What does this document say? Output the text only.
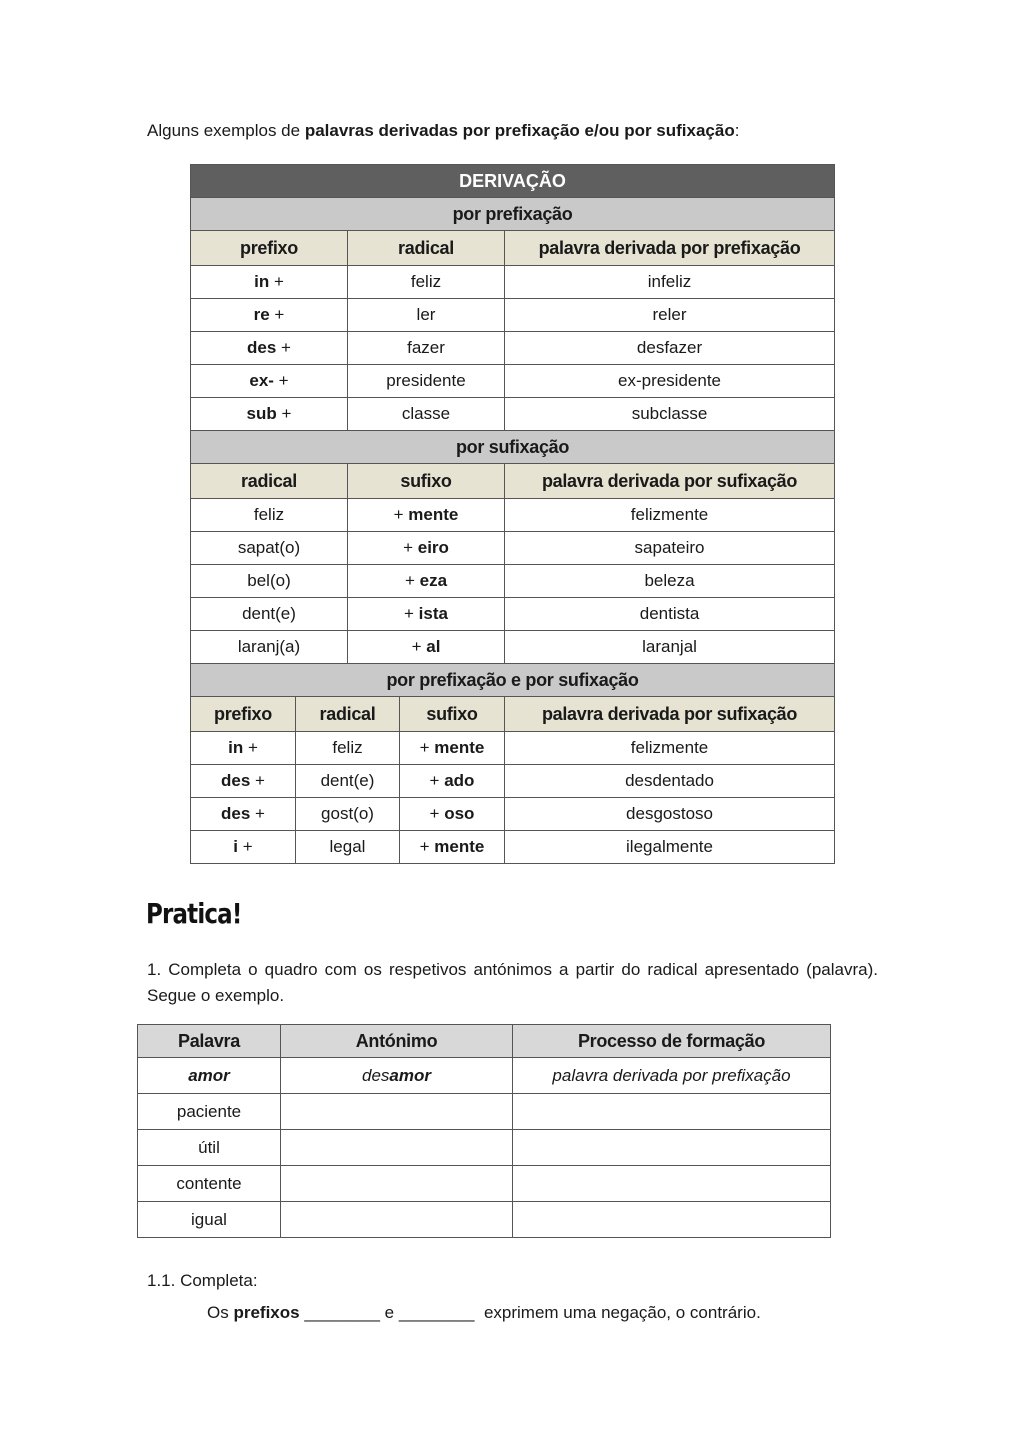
Alguns exemplos de palavras derivadas por prefixação e/ou por sufixação:
DERIVAÇÃO				
por prefixação				
prefixo		radical		palavra derivada por prefixação
in +		feliz		infeliz
re +		ler		reler
des +		fazer		desfazer
ex- +		presidente		ex-presidente
sub +		classe		subclasse
por sufixação				
radical		sufixo		palavra derivada por sufixação
feliz		+ mente		felizmente
sapat(o)		+ eiro		sapateiro
bel(o)		+ eza		beleza
dent(e)		+ ista		dentista
laranj(a)		+ al		laranjal
por prefixação e por sufixação				
prefixo	radical		sufixo	palavra derivada por sufixação
in +	feliz		+ mente	felizmente
des +	dent(e)		+ ado	desdentado
des +	gost(o)		+ oso	desgostoso
i +	legal		+ mente	ilegalmente
Pratica!
1. Completa o quadro com os respetivos antónimos a partir do radical apresentado (palavra). Segue o exemplo.
Palavra	Antónimo	Processo de formação
amor	desamor	palavra derivada por prefixação
paciente		
útil		
contente		
igual		
1.1. Completa:
Os prefixos ________ e ________  exprimem uma negação, o contrário.
